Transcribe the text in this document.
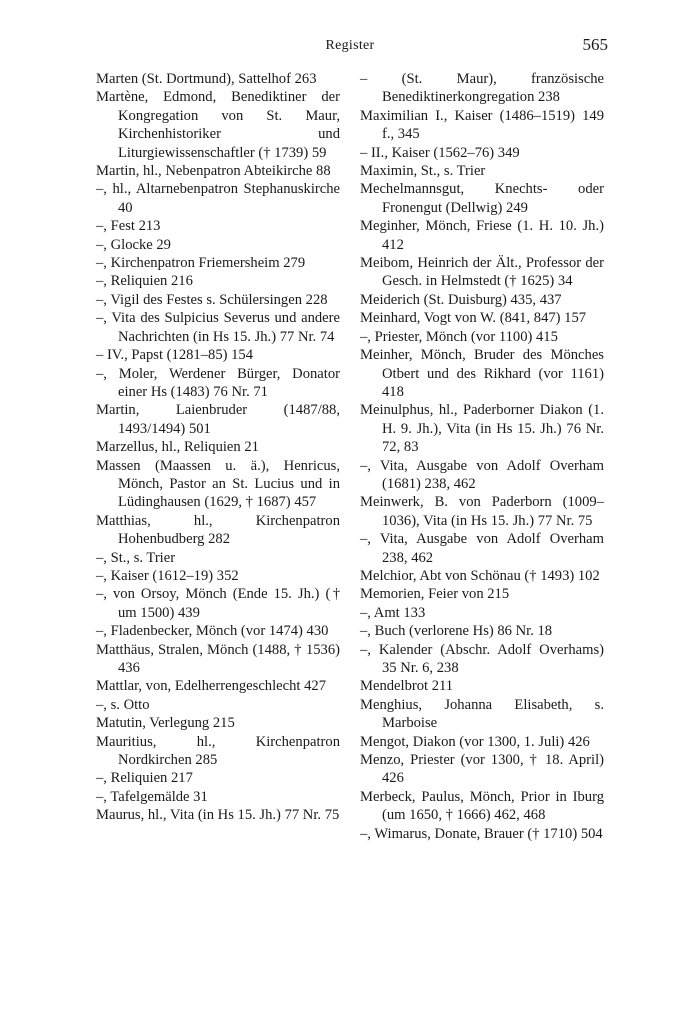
Register	565
Marten (St. Dortmund), Sattelhof 263
Martène, Edmond, Benediktiner der Kongregation von St. Maur, Kirchenhistoriker und Liturgiewissenschaftler († 1739) 59
Martin, hl., Nebenpatron Abteikirche 88
–, hl., Altarnebenpatron Stephanuskirche 40
–, Fest 213
–, Glocke 29
–, Kirchenpatron Friemersheim 279
–, Reliquien 216
–, Vigil des Festes s. Schülersingen 228
–, Vita des Sulpicius Severus und andere Nachrichten (in Hs 15. Jh.) 77 Nr. 74
– IV., Papst (1281–85) 154
–, Moler, Werdener Bürger, Donator einer Hs (1483) 76 Nr. 71
Martin, Laienbruder (1487/88, 1493/1494) 501
Marzellus, hl., Reliquien 21
Massen (Maassen u. ä.), Henricus, Mönch, Pastor an St. Lucius und in Lüdinghausen (1629, † 1687) 457
Matthias, hl., Kirchenpatron Hohenbudberg 282
–, St., s. Trier
–, Kaiser (1612–19) 352
–, von Orsoy, Mönch (Ende 15. Jh.) († um 1500) 439
–, Fladenbecker, Mönch (vor 1474) 430
Matthäus, Stralen, Mönch (1488, † 1536) 436
Mattlar, von, Edelherrengeschlecht 427
–, s. Otto
Matutin, Verlegung 215
Mauritius, hl., Kirchenpatron Nordkirchen 285
–, Reliquien 217
–, Tafelgemälde 31
Maurus, hl., Vita (in Hs 15. Jh.) 77 Nr. 75
– (St. Maur), französische Benediktinerkongregation 238
Maximilian I., Kaiser (1486–1519) 149 f., 345
– II., Kaiser (1562–76) 349
Maximin, St., s. Trier
Mechelmannsgut, Knechts- oder Fronengut (Dellwig) 249
Meginher, Mönch, Friese (1. H. 10. Jh.) 412
Meibom, Heinrich der Ält., Professor der Gesch. in Helmstedt († 1625) 34
Meiderich (St. Duisburg) 435, 437
Meinhard, Vogt von W. (841, 847) 157
–, Priester, Mönch (vor 1100) 415
Meinher, Mönch, Bruder des Mönches Otbert und des Rikhard (vor 1161) 418
Meinulphus, hl., Paderborner Diakon (1. H. 9. Jh.), Vita (in Hs 15. Jh.) 76 Nr. 72, 83
–, Vita, Ausgabe von Adolf Overham (1681) 238, 462
Meinwerk, B. von Paderborn (1009–1036), Vita (in Hs 15. Jh.) 77 Nr. 75
–, Vita, Ausgabe von Adolf Overham 238, 462
Melchior, Abt von Schönau († 1493) 102
Memorien, Feier von 215
–, Amt 133
–, Buch (verlorene Hs) 86 Nr. 18
–, Kalender (Abschr. Adolf Overhams) 35 Nr. 6, 238
Mendelbrot 211
Menghius, Johanna Elisabeth, s. Marboise
Mengot, Diakon (vor 1300, 1. Juli) 426
Menzo, Priester (vor 1300, † 18. April) 426
Merbeck, Paulus, Mönch, Prior in Iburg (um 1650, † 1666) 462, 468
–, Wimarus, Donate, Brauer († 1710) 504
